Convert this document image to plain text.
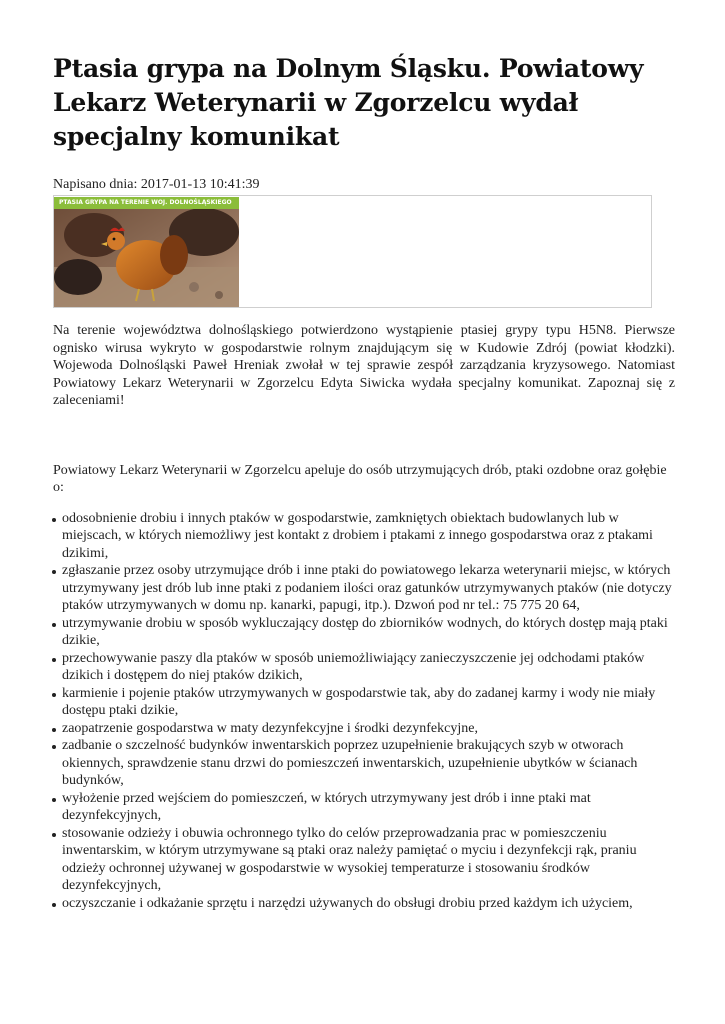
Ptasia grypa na Dolnym Śląsku. Powiatowy Lekarz Weterynarii w Zgorzelcu wydał specjalny komunikat
Napisano dnia: 2017-01-13 10:41:39
PTASIA GRYPA NA TERENIE WOJ. DOLNOŚLĄSKIEGO

Na terenie województwa dolnośląskiego potwierdzono wystąpienie ptasiej grypy typu H5N8. Pierwsze ognisko wirusa wykryto w gospodarstwie rolnym znajdującym się w Kudowie Zdrój (powiat kłodzki). Wojewoda Dolnośląski Paweł Hreniak zwołał w tej sprawie zespół zarządzania kryzysowego. Natomiast Powiatowy Lekarz Weterynarii w Zgorzelcu Edyta Siwicka wydała specjalny komunikat. Zapoznaj się z zaleceniami!

Powiatowy Lekarz Weterynarii w Zgorzelcu apeluje do osób utrzymujących drób, ptaki ozdobne oraz gołębie o:

odosobnienie drobiu i innych ptaków w gospodarstwie, zamkniętych obiektach budowlanych lub w miejscach, w których niemożliwy jest kontakt z drobiem i ptakami z innego gospodarstwa oraz z ptakami dzikimi,
zgłaszanie przez osoby utrzymujące drób i inne ptaki do powiatowego lekarza weterynarii miejsc, w których utrzymywany jest drób lub inne ptaki z podaniem ilości oraz gatunków utrzymywanych ptaków (nie dotyczy ptaków utrzymywanych w domu np. kanarki, papugi, itp.). Dzwoń pod nr tel.: 75 775 20 64,
utrzymywanie drobiu w sposób wykluczający dostęp do zbiorników wodnych, do których dostęp mają ptaki dzikie,
przechowywanie paszy dla ptaków w sposób uniemożliwiający zanieczyszczenie jej odchodami ptaków dzikich i dostępem do niej ptaków dzikich,
karmienie i pojenie ptaków utrzymywanych w gospodarstwie tak, aby do zadanej karmy i wody nie miały dostępu ptaki dzikie,
zaopatrzenie gospodarstwa w maty dezynfekcyjne i środki dezynfekcyjne,
zadbanie o szczelność budynków inwentarskich poprzez uzupełnienie brakujących szyb w otworach okiennych, sprawdzenie stanu drzwi do pomieszczeń inwentarskich, uzupełnienie ubytków w ścianach budynków,
wyłożenie przed wejściem do pomieszczeń, w których utrzymywany jest drób i inne ptaki mat dezynfekcyjnych,
stosowanie odzieży i obuwia ochronnego tylko do celów przeprowadzania prac w pomieszczeniu inwentarskim, w którym utrzymywane są ptaki oraz należy pamiętać o myciu i dezynfekcji rąk, praniu odzieży ochronnej używanej w gospodarstwie w wysokiej temperaturze i stosowaniu środków dezynfekcyjnych,
oczyszczanie i odkażanie sprzętu i narzędzi używanych do obsługi drobiu przed każdym ich użyciem,
